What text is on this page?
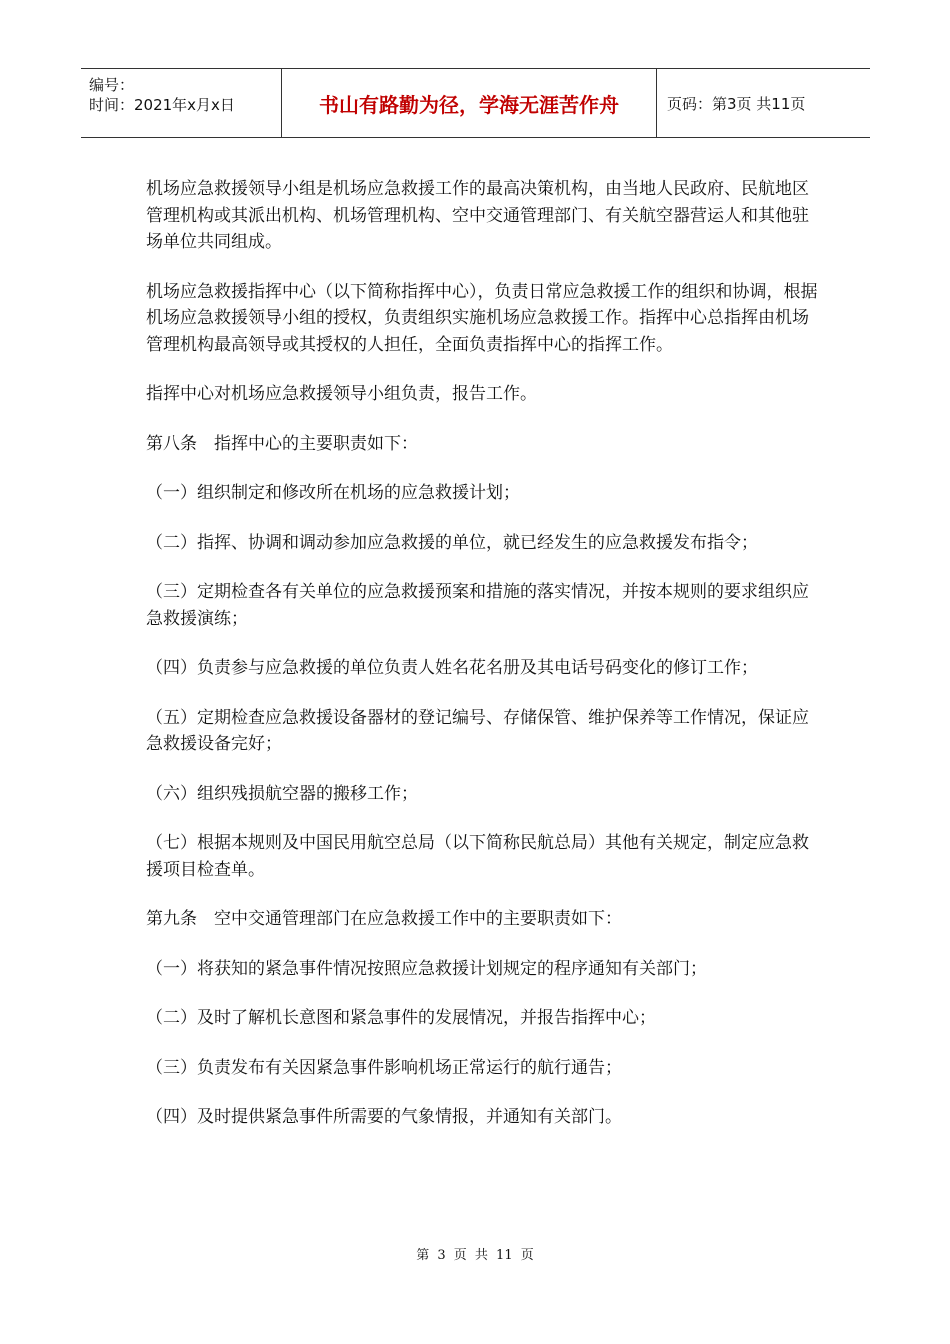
编号：
时间：2021年x月x日	书山有路勤为径，学海无涯苦作舟	页码：第3页 共11页

机场应急救援领导小组是机场应急救援工作的最高决策机构，由当地人民政府、民航地区管理机构或其派出机构、机场管理机构、空中交通管理部门、有关航空器营运人和其他驻场单位共同组成。

机场应急救援指挥中心（以下简称指挥中心），负责日常应急救援工作的组织和协调，根据机场应急救援领导小组的授权，负责组织实施机场应急救援工作。指挥中心总指挥由机场管理机构最高领导或其授权的人担任，全面负责指挥中心的指挥工作。

指挥中心对机场应急救援领导小组负责，报告工作。

第八条　指挥中心的主要职责如下：

（一）组织制定和修改所在机场的应急救援计划；

（二）指挥、协调和调动参加应急救援的单位，就已经发生的应急救援发布指令；

（三）定期检查各有关单位的应急救援预案和措施的落实情况，并按本规则的要求组织应急救援演练；

（四）负责参与应急救援的单位负责人姓名花名册及其电话号码变化的修订工作；

（五）定期检查应急救援设备器材的登记编号、存储保管、维护保养等工作情况，保证应急救援设备完好；

（六）组织残损航空器的搬移工作；

（七）根据本规则及中国民用航空总局（以下简称民航总局）其他有关规定，制定应急救援项目检查单。

第九条　空中交通管理部门在应急救援工作中的主要职责如下：

（一）将获知的紧急事件情况按照应急救援计划规定的程序通知有关部门；

（二）及时了解机长意图和紧急事件的发展情况，并报告指挥中心；

（三）负责发布有关因紧急事件影响机场正常运行的航行通告；

（四）及时提供紧急事件所需要的气象情报，并通知有关部门。

第 3 页 共 11 页
